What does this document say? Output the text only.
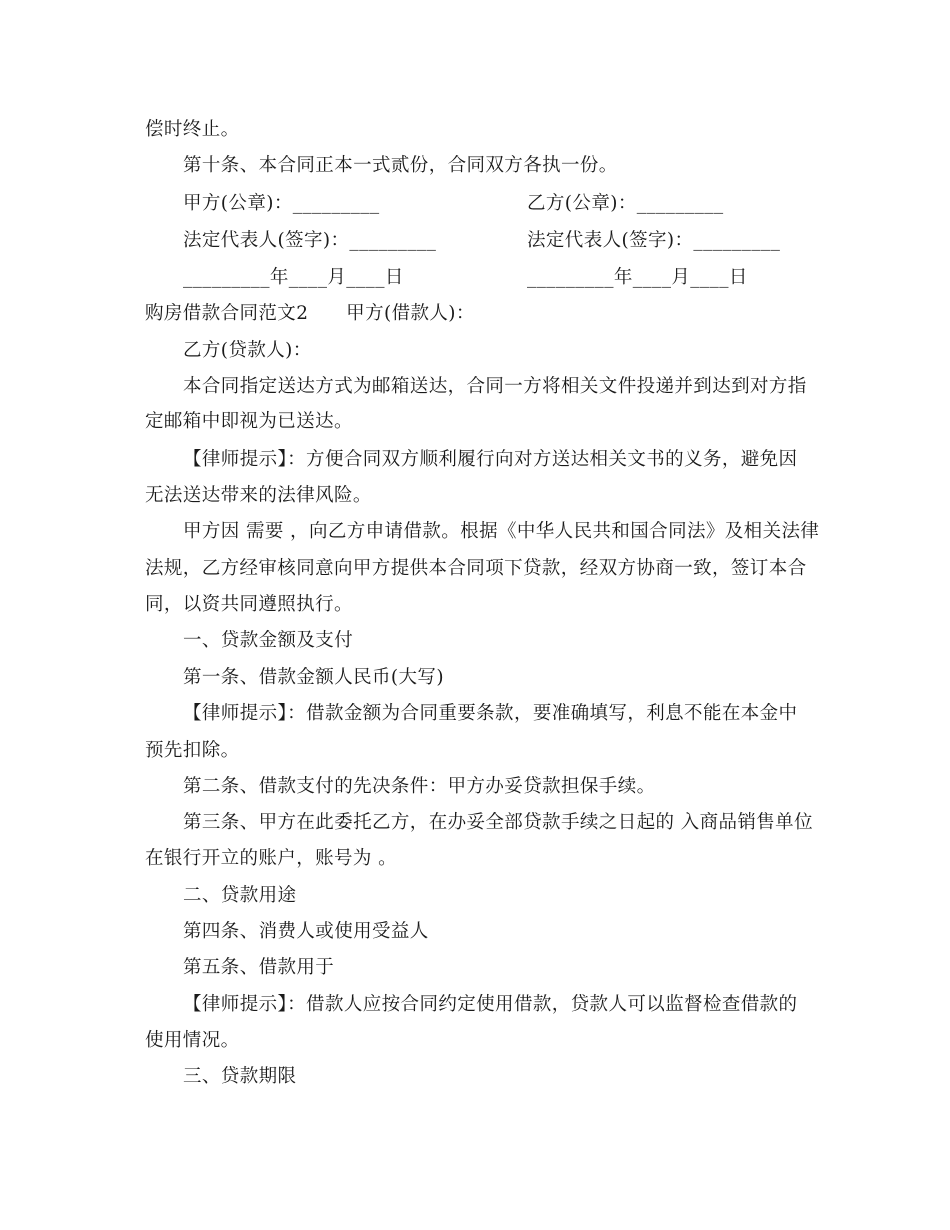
偿时终止。
第十条、本合同正本一式贰份，合同双方各执一份。
甲方(公章)：_________	乙方(公章)：_________
法定代表人(签字)：_________	法定代表人(签字)：_________
_________年____月____日	_________年____月____日
购房借款合同范文2　　甲方(借款人)：
乙方(贷款人)：
本合同指定送达方式为邮箱送达，合同一方将相关文件投递并到达到对方指
定邮箱中即视为已送达。
【律师提示】：方便合同双方顺利履行向对方送达相关文书的义务，避免因
无法送达带来的法律风险。
甲方因 需要 ，向乙方申请借款。根据《中华人民共和国合同法》及相关法律
法规，乙方经审核同意向甲方提供本合同项下贷款，经双方协商一致，签订本合
同，以资共同遵照执行。
一、贷款金额及支付
第一条、借款金额人民币(大写)
【律师提示】：借款金额为合同重要条款，要准确填写，利息不能在本金中
预先扣除。
第二条、借款支付的先决条件：甲方办妥贷款担保手续。
第三条、甲方在此委托乙方，在办妥全部贷款手续之日起的 入商品销售单位
在银行开立的账户，账号为 。
二、贷款用途
第四条、消费人或使用受益人
第五条、借款用于
【律师提示】：借款人应按合同约定使用借款，贷款人可以监督检查借款的
使用情况。
三、贷款期限
